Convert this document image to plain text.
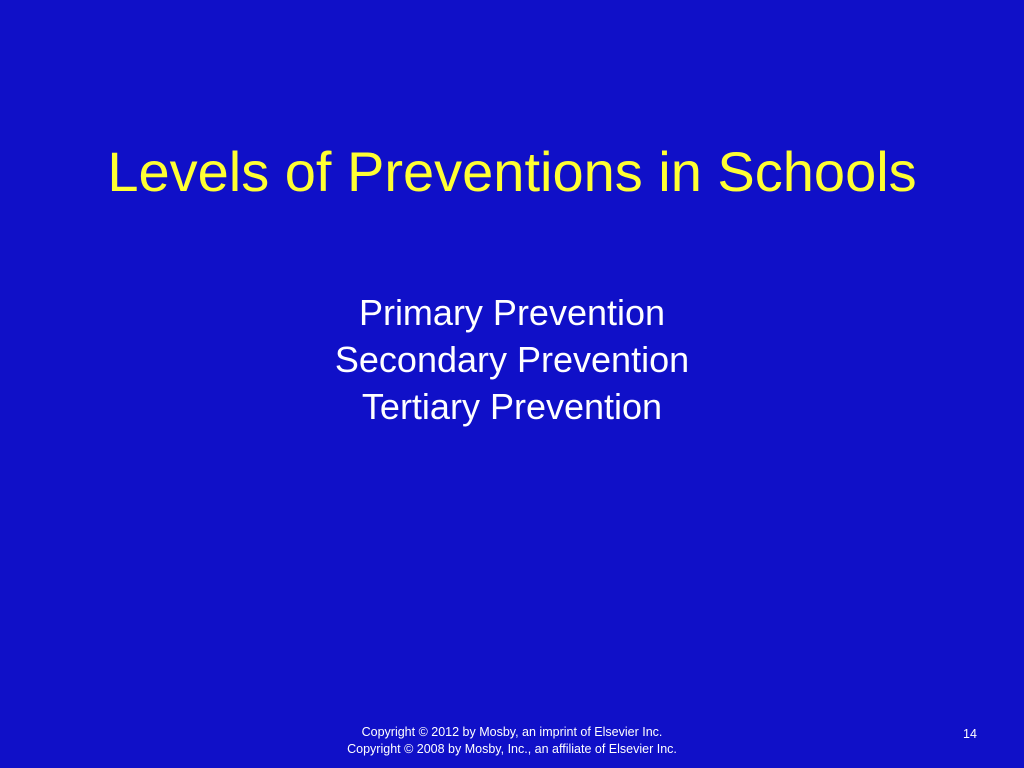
Levels of Preventions in Schools
Primary Prevention
Secondary Prevention
Tertiary Prevention
Copyright © 2012 by Mosby, an imprint of Elsevier Inc.
Copyright © 2008 by Mosby, Inc., an affiliate of Elsevier Inc.
14
